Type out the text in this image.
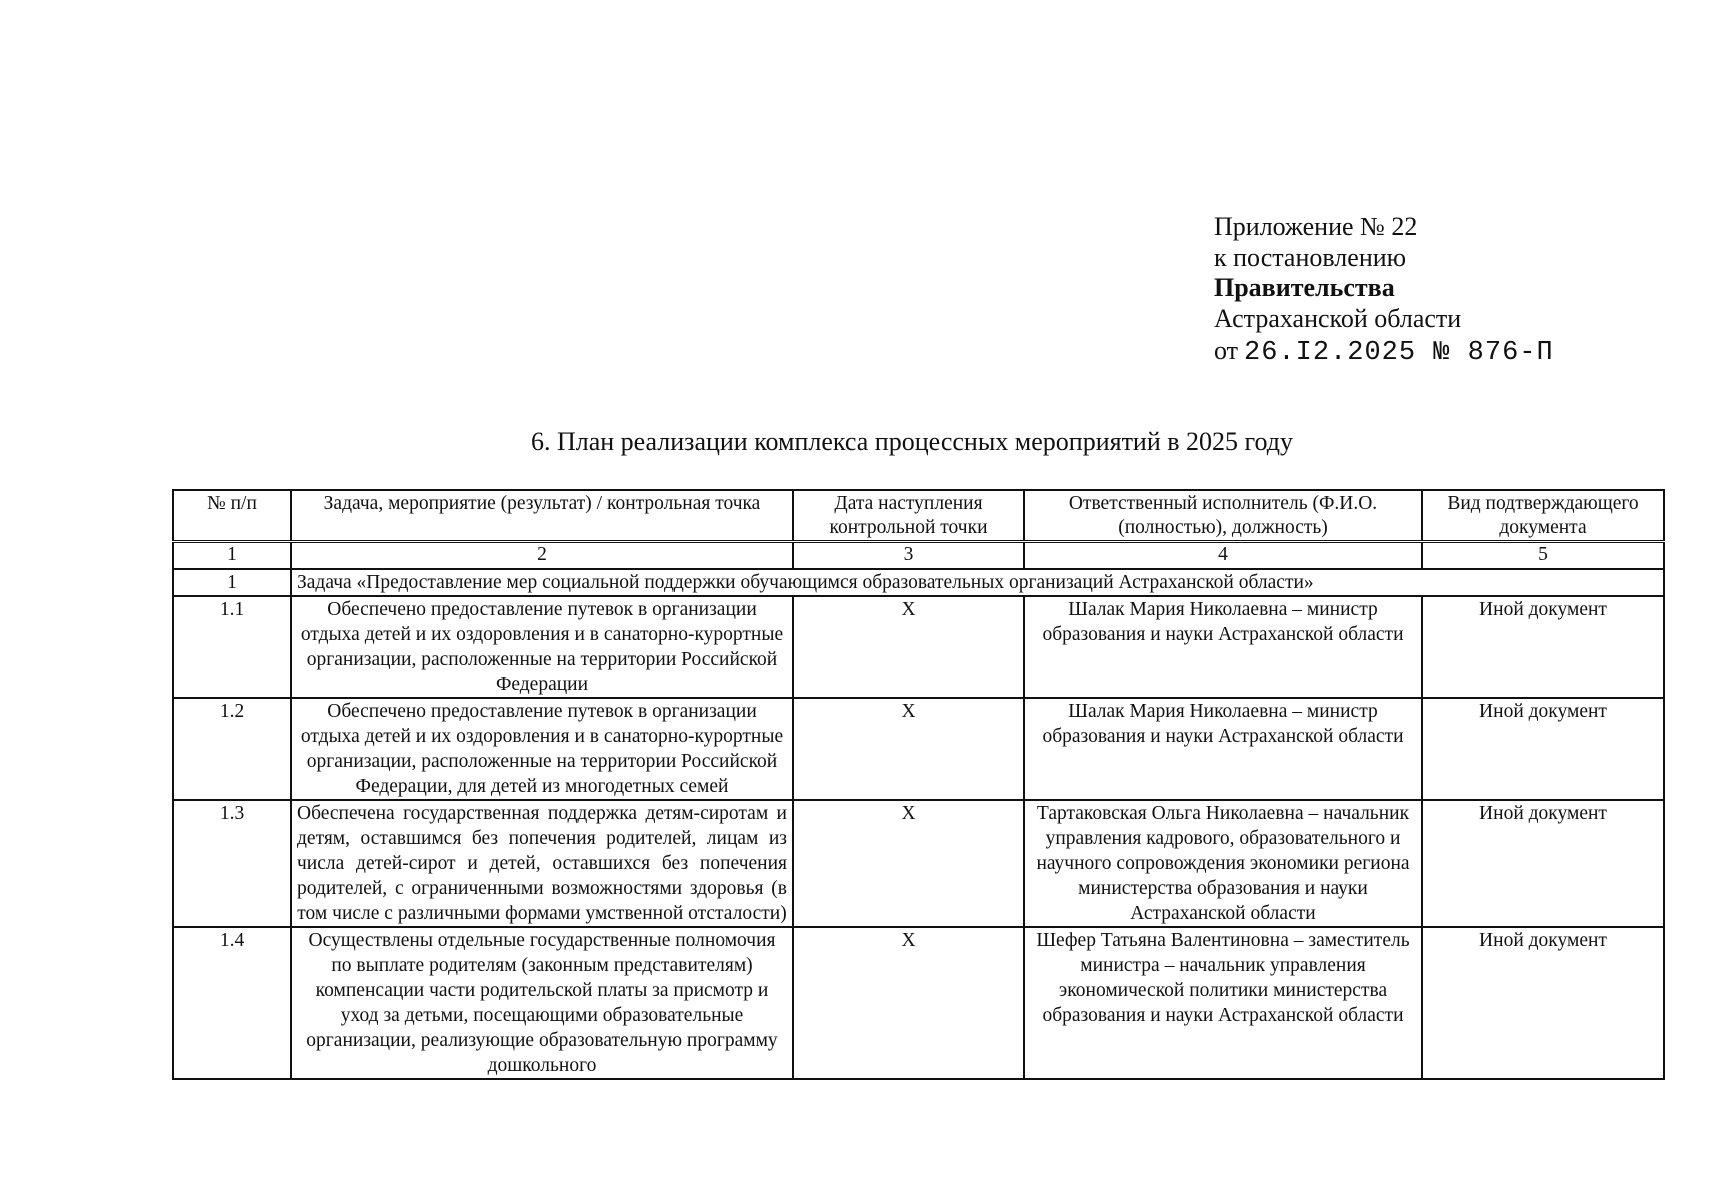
Приложение № 22
к постановлению
Правительства
Астраханской области
от 26.I2.2025 № 876-П
6. План реализации комплекса процессных мероприятий в 2025 году
№ п/п	Задача, мероприятие (результат) / контрольная точка	Дата наступления контрольной точки	Ответственный исполнитель (Ф.И.О. (полностью), должность)	Вид подтверждающего документа
1	2	3	4	5
1	Задача «Предоставление мер социальной поддержки обучающимся образовательных организаций Астраханской области»			
1.1	Обеспечено предоставление путевок в организации отдыха детей и их оздоровления и в санаторно-курортные организации, расположенные на территории Российской Федерации	X	Шалак Мария Николаевна – министр образования и науки Астраханской области	Иной документ
1.2	Обеспечено предоставление путевок в организации отдыха детей и их оздоровления и в санаторно-курортные организации, расположенные на территории Российской Федерации, для детей из многодетных семей	X	Шалак Мария Николаевна – министр образования и науки Астраханской области	Иной документ
1.3	Обеспечена государственная поддержка детям-сиротам и детям, оставшимся без попечения родителей, лицам из числа детей-сирот и детей, оставшихся без попечения родителей, с ограниченными возможностями здоровья (в том числе с различными формами умственной отсталости)	X	Тартаковская Ольга Николаевна – начальник управления кадрового, образовательного и научного сопровождения экономики региона министерства образования и науки Астраханской области	Иной документ
1.4	Осуществлены отдельные государственные полномочия по выплате родителям (законным представителям) компенсации части родительской платы за присмотр и уход за детьми, посещающими образовательные организации, реализующие образовательную программу дошкольного	X	Шефер Татьяна Валентиновна – заместитель министра – начальник управления экономической политики министерства образования и науки Астраханской области	Иной документ
